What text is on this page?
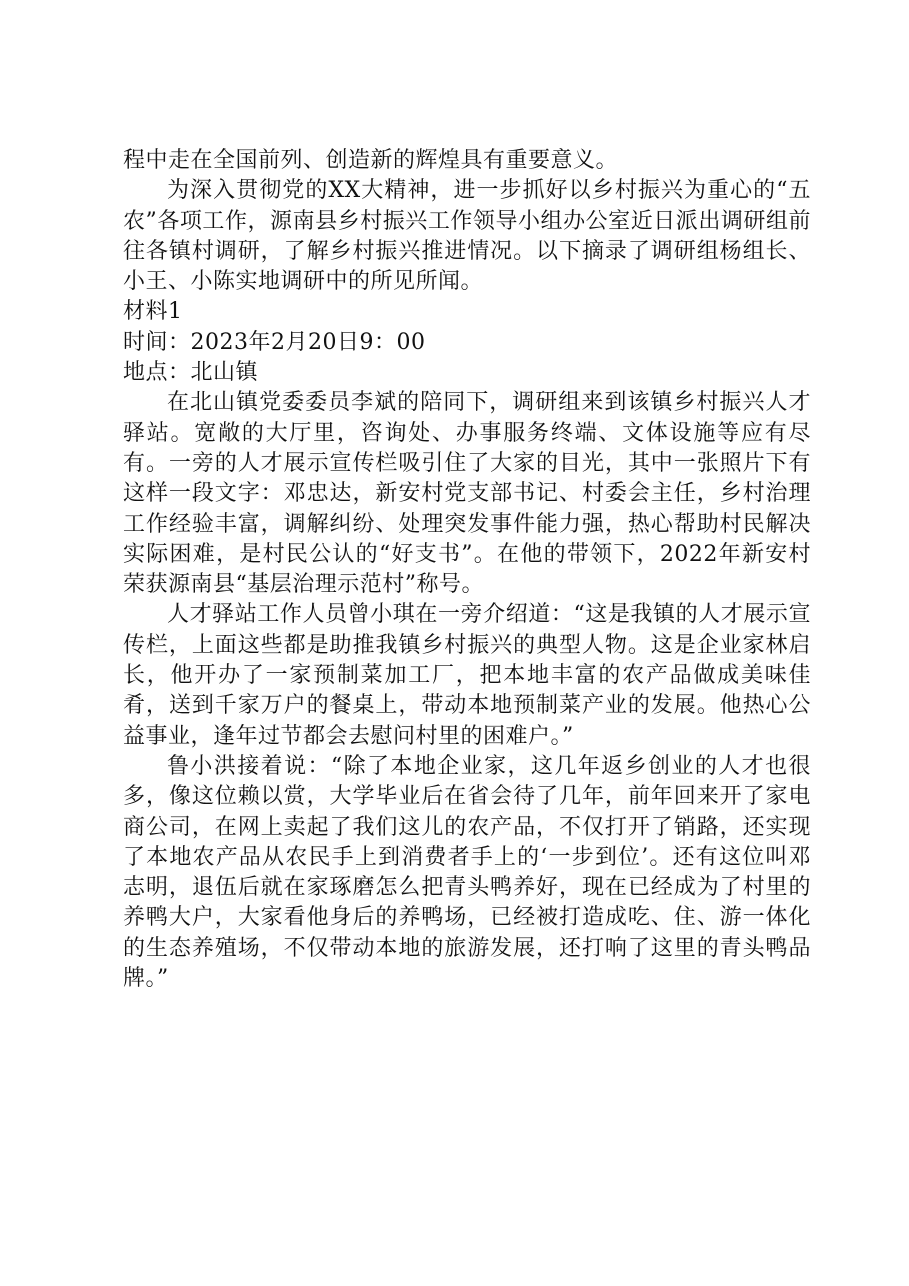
程中走在全国前列、创造新的辉煌具有重要意义。

为深入贯彻党的XX大精神，进一步抓好以乡村振兴为重心的“五农”各项工作，源南县乡村振兴工作领导小组办公室近日派出调研组前往各镇村调研，了解乡村振兴推进情况。以下摘录了调研组杨组长、小王、小陈实地调研中的所见所闻。

材料1

时间：2023年2月20日9：00

地点：北山镇

在北山镇党委委员李斌的陪同下，调研组来到该镇乡村振兴人才驿站。宽敞的大厅里，咨询处、办事服务终端、文体设施等应有尽有。一旁的人才展示宣传栏吸引住了大家的目光，其中一张照片下有这样一段文字：邓忠达，新安村党支部书记、村委会主任，乡村治理工作经验丰富，调解纠纷、处理突发事件能力强，热心帮助村民解决实际困难，是村民公认的“好支书”。在他的带领下，2022年新安村荣获源南县“基层治理示范村”称号。

人才驿站工作人员曾小琪在一旁介绍道：“这是我镇的人才展示宣传栏，上面这些都是助推我镇乡村振兴的典型人物。这是企业家林启长，他开办了一家预制菜加工厂，把本地丰富的农产品做成美味佳肴，送到千家万户的餐桌上，带动本地预制菜产业的发展。他热心公益事业，逢年过节都会去慰问村里的困难户。”

鲁小洪接着说：“除了本地企业家，这几年返乡创业的人才也很多，像这位赖以赏，大学毕业后在省会待了几年，前年回来开了家电商公司，在网上卖起了我们这儿的农产品，不仅打开了销路，还实现了本地农产品从农民手上到消费者手上的‘一步到位’。还有这位叫邓志明，退伍后就在家琢磨怎么把青头鸭养好，现在已经成为了村里的养鸭大户，大家看他身后的养鸭场，已经被打造成吃、住、游一体化的生态养殖场，不仅带动本地的旅游发展，还打响了这里的青头鸭品牌。”
